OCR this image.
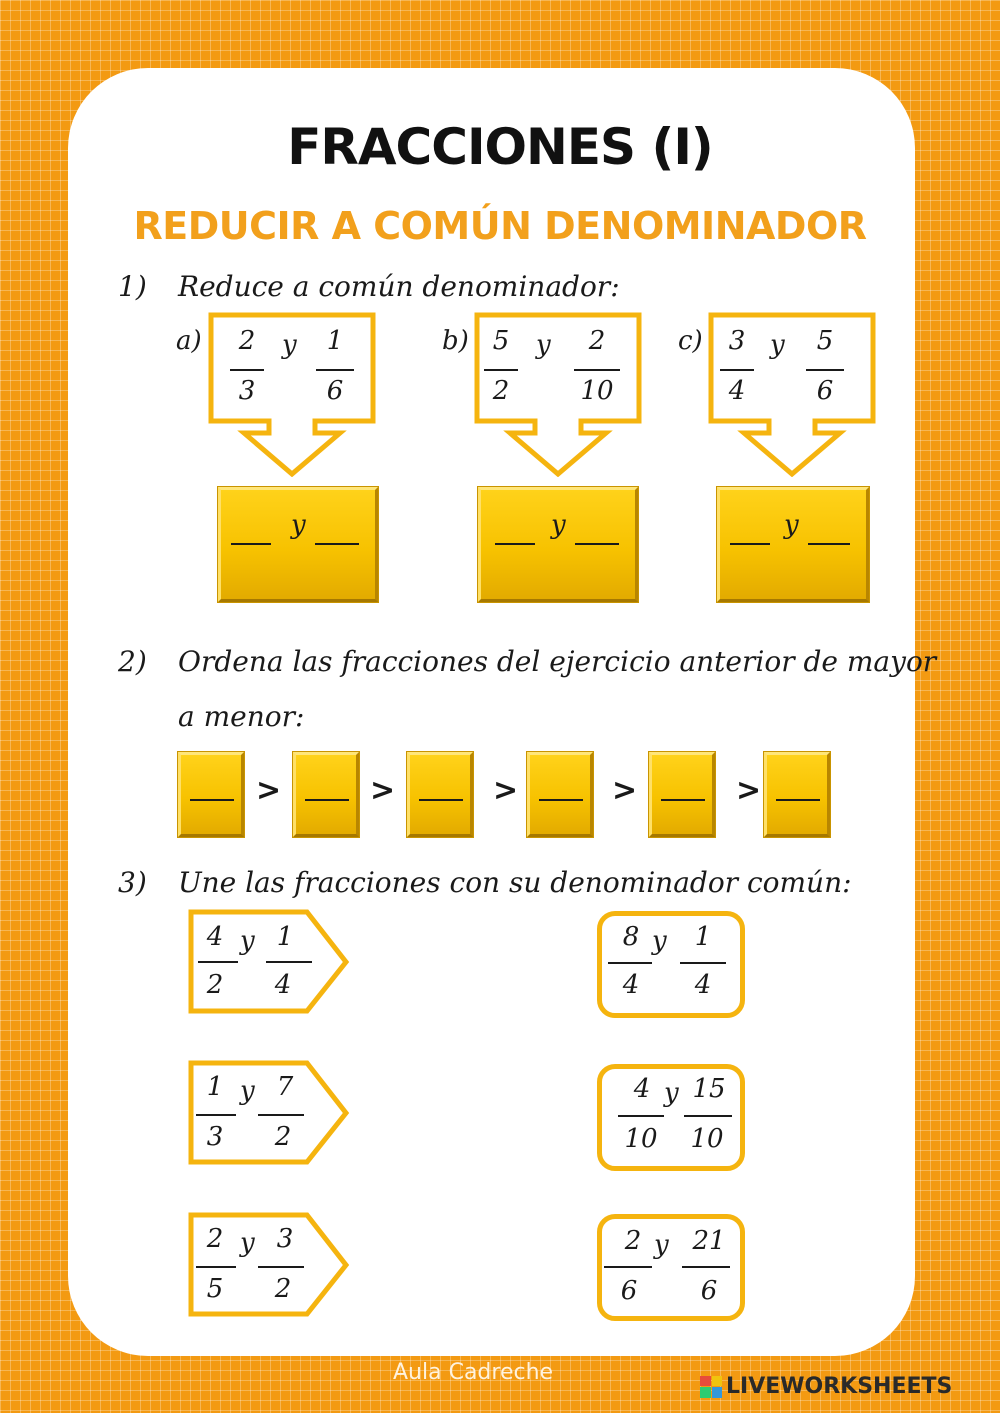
FRACCIONES (I)
REDUCIR A COMÚN DENOMINADOR
1) Reduce a común denominador:
a)	2
3
y	1
6
y
b) 5
2
y	2
10
y
c)	3
4
y	5
6
y
2) Ordena las fracciones del ejercicio anterior de mayor
a menor:
>	>	>	>	>
3) Une las fracciones con su denominador común:
4
2
y 1
4
1
3
y 7
2
2
5
y 3
2
8
4
y	1
4
4
10
y 15
10
2
6
y 21
6
Aula Cadreche
LIVEWORKSHEETS
